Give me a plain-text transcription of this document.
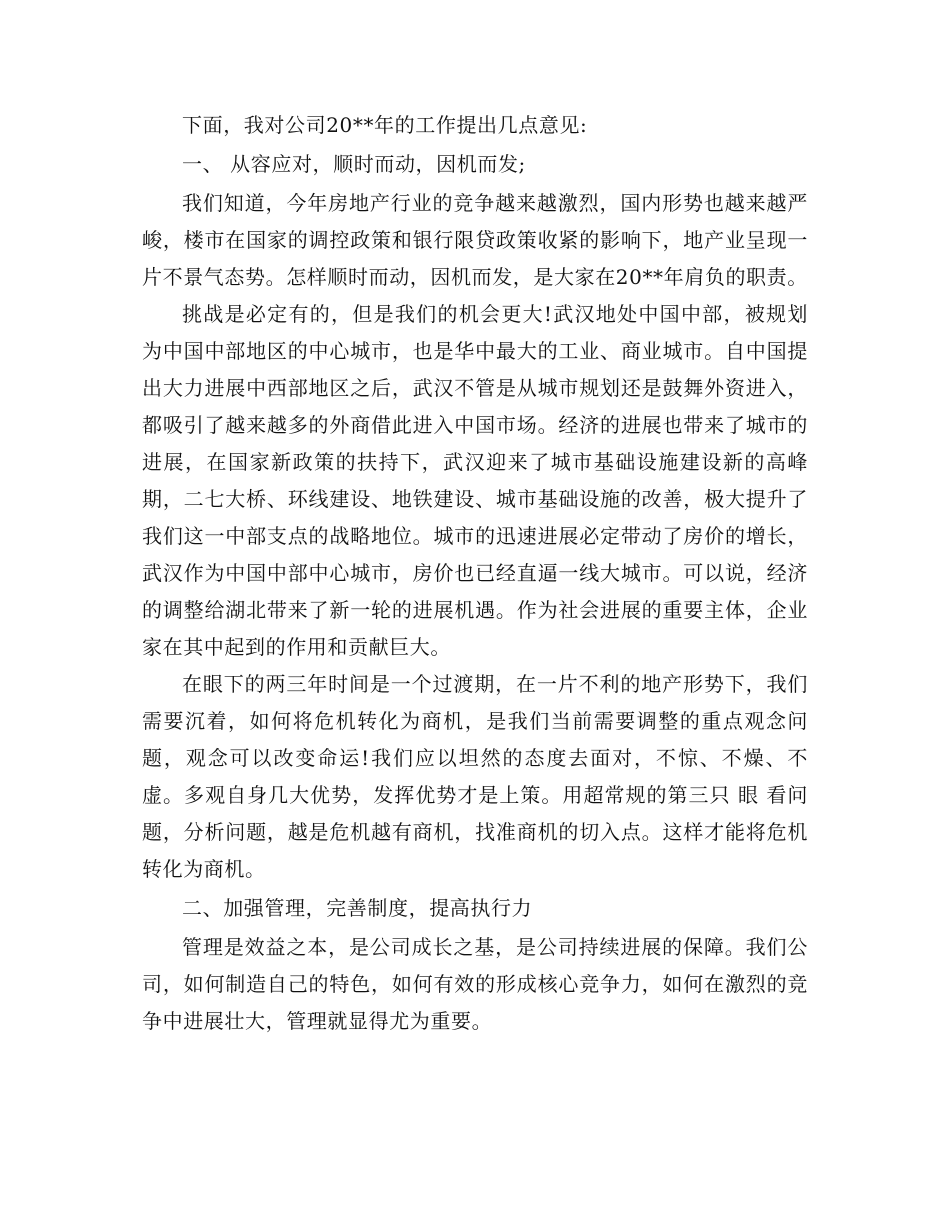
下面，我对公司20**年的工作提出几点意见:

一、 从容应对，顺时而动，因机而发;

我们知道，今年房地产行业的竞争越来越激烈，国内形势也越来越严峻，楼市在国家的调控政策和银行限贷政策收紧的影响下，地产业呈现一片不景气态势。怎样顺时而动，因机而发，是大家在20**年肩负的职责。

挑战是必定有的，但是我们的机会更大!武汉地处中国中部，被规划为中国中部地区的中心城市，也是华中最大的工业、商业城市。自中国提出大力进展中西部地区之后，武汉不管是从城市规划还是鼓舞外资进入，都吸引了越来越多的外商借此进入中国市场。经济的进展也带来了城市的进展，在国家新政策的扶持下，武汉迎来了城市基础设施建设新的高峰期，二七大桥、环线建设、地铁建设、城市基础设施的改善，极大提升了我们这一中部支点的战略地位。城市的迅速进展必定带动了房价的增长，武汉作为中国中部中心城市，房价也已经直逼一线大城市。可以说，经济的调整给湖北带来了新一轮的进展机遇。作为社会进展的重要主体，企业家在其中起到的作用和贡献巨大。

在眼下的两三年时间是一个过渡期，在一片不利的地产形势下，我们需要沉着，如何将危机转化为商机，是我们当前需要调整的重点观念问题，观念可以改变命运!我们应以坦然的态度去面对，不惊、不燥、不虚。多观自身几大优势，发挥优势才是上策。用超常规的第三只 眼 看问题，分析问题，越是危机越有商机，找准商机的切入点。这样才能将危机转化为商机。

二、加强管理，完善制度，提高执行力

管理是效益之本，是公司成长之基，是公司持续进展的保障。我们公司，如何制造自己的特色，如何有效的形成核心竞争力，如何在激烈的竞争中进展壮大，管理就显得尤为重要。
